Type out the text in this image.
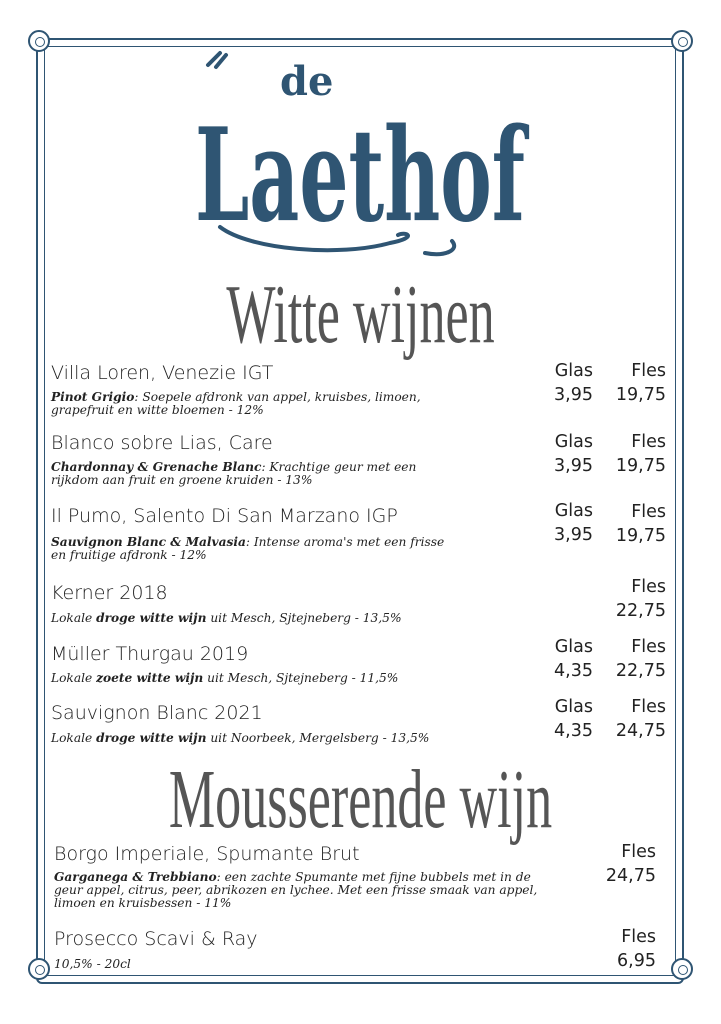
de
Laethof
Witte wijnen
Villa Loren, Venezie IGT
Pinot Grigio: Soepele afdronk van appel, kruisbes, limoen,
grapefruit en witte bloemen - 12%
Glas
3,95
Fles
19,75
Blanco sobre Lias, Care
Chardonnay & Grenache Blanc: Krachtige geur met een
rijkdom aan fruit en groene kruiden - 13%
Glas
3,95
Fles
19,75
Il Pumo, Salento Di San Marzano IGP
Sauvignon Blanc & Malvasia: Intense aroma's met een frisse
en fruitige afdronk - 12%
Glas
3,95
Fles
19,75
Kerner 2018
Lokale droge witte wijn uit Mesch, Sjtejneberg - 13,5%
Fles
22,75
Müller Thurgau 2019
Lokale zoete witte wijn uit Mesch, Sjtejneberg - 11,5%
Glas
4,35
Fles
22,75
Sauvignon Blanc 2021
Lokale droge witte wijn uit Noorbeek, Mergelsberg - 13,5%
Glas
4,35
Fles
24,75
Mousserende wijn
Borgo Imperiale, Spumante Brut
Garganega & Trebbiano: een zachte Spumante met fijne bubbels met in de
geur appel, citrus, peer, abrikozen en lychee. Met een frisse smaak van appel,
limoen en kruisbessen - 11%
Fles
24,75
Prosecco Scavi & Ray
10,5% - 20cl
Fles
6,95
